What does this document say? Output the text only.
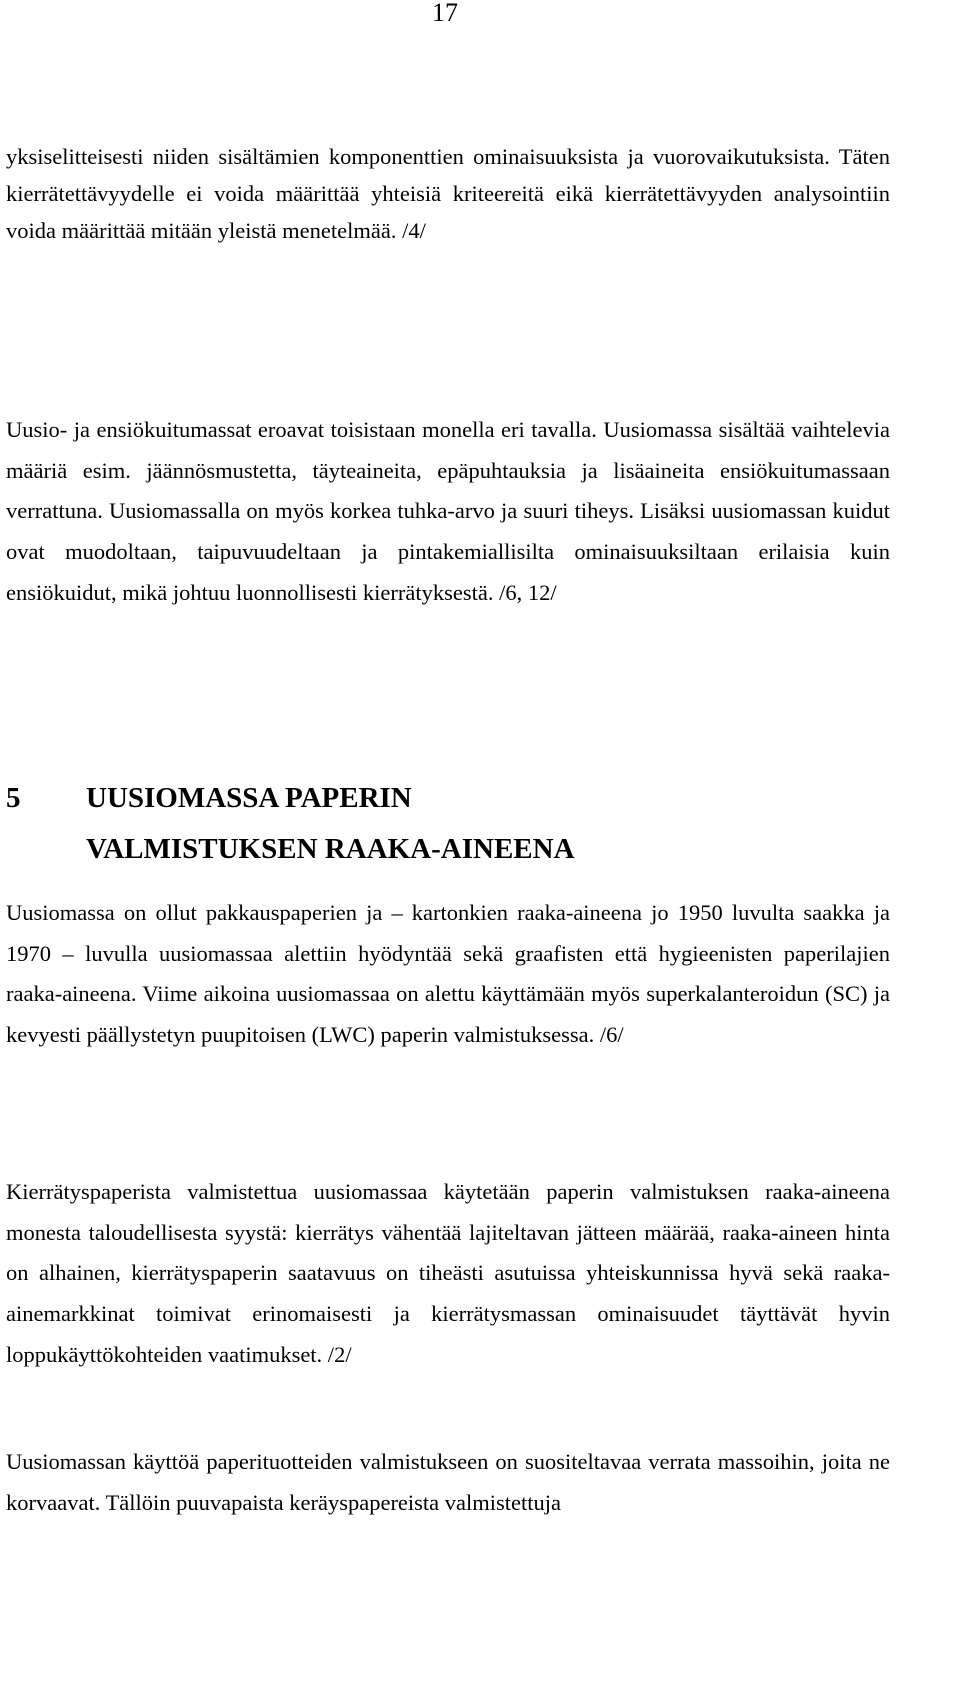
17

yksiselitteisesti niiden sisältämien komponenttien ominaisuuksista ja vuorovaikutuksista. Täten kierrätettävyydelle ei voida määrittää yhteisiä kriteereitä eikä kierrätettävyyden analysointiin voida määrittää mitään yleistä menetelmää. /4/

Uusio- ja ensiökuitumassat eroavat toisistaan monella eri tavalla. Uusiomassa sisältää vaihtelevia määriä esim. jäännösmustetta, täyteaineita, epäpuhtauksia ja lisäaineita ensiökuitumassaan verrattuna. Uusiomassalla on myös korkea tuhka-arvo ja suuri tiheys. Lisäksi uusiomassan kuidut ovat muodoltaan, taipuvuudeltaan ja pintakemiallisilta ominaisuuksiltaan erilaisia kuin ensiökuidut, mikä johtuu luonnollisesti kierrätyksestä. /6, 12/

5 UUSIOMASSA PAPERIN VALMISTUKSEN RAAKA-AINEENA

Uusiomassa on ollut pakkauspaperien ja – kartonkien raaka-aineena jo 1950 luvulta saakka ja 1970 – luvulla uusiomassaa alettiin hyödyntää sekä graafisten että hygieenisten paperilajien raaka-aineena. Viime aikoina uusiomassaa on alettu käyttämään myös superkalanteroidun (SC) ja kevyesti päällystetyn puupitoisen (LWC) paperin valmistuksessa. /6/

Kierrätyspaperista valmistettua uusiomassaa käytetään paperin valmistuksen raaka-aineena monesta taloudellisesta syystä: kierrätys vähentää lajiteltavan jätteen määrää, raaka-aineen hinta on alhainen, kierrätyspaperin saatavuus on tiheästi asutuissa yhteiskunnissa hyvä sekä raaka-ainemarkkinat toimivat erinomaisesti ja kierrätysmassan ominaisuudet täyttävät hyvin loppukäyttökohteiden vaatimukset. /2/

Uusiomassan käyttöä paperituotteiden valmistukseen on suositeltavaa verrata massoihin, joita ne korvaavat. Tällöin puuvapaista keräyspapereista valmistettuja
